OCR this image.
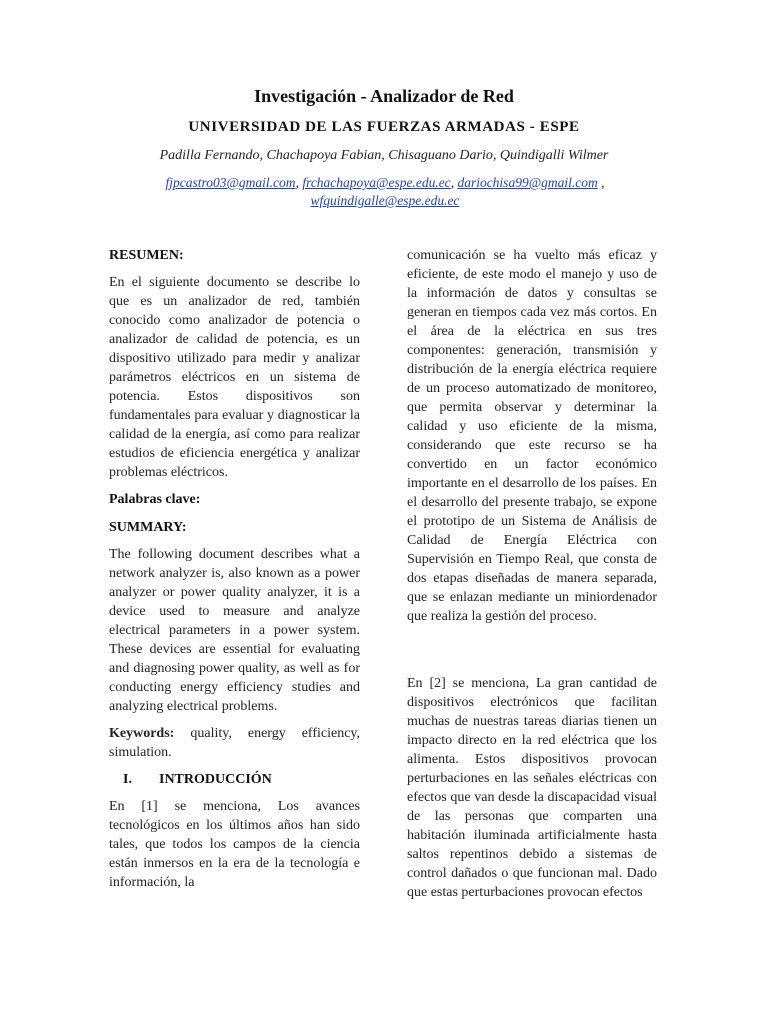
Investigación - Analizador de Red
UNIVERSIDAD DE LAS FUERZAS ARMADAS - ESPE
Padilla Fernando, Chachapoya Fabian, Chisaguano Dario, Quindigalli Wilmer
fjpcastro03@gmail.com, frchachapoya@espe.edu.ec, dariochisa99@gmail.com ,
wfquindigalle@espe.edu.ec

RESUMEN:

En el siguiente documento se describe lo que es un analizador de red, también conocido como analizador de potencia o analizador de calidad de potencia, es un dispositivo utilizado para medir y analizar parámetros eléctricos en un sistema de potencia. Estos dispositivos son fundamentales para evaluar y diagnosticar la calidad de la energía, así como para realizar estudios de eficiencia energética y analizar problemas eléctricos.

Palabras clave:

SUMMARY:

The following document describes what a network analyzer is, also known as a power analyzer or power quality analyzer, it is a device used to measure and analyze electrical parameters in a power system. These devices are essential for evaluating and diagnosing power quality, as well as for conducting energy efficiency studies and analyzing electrical problems.

Keywords: quality, energy efficiency, simulation.

I. INTRODUCCIÓN

En [1] se menciona, Los avances tecnológicos en los últimos años han sido tales, que todos los campos de la ciencia están inmersos en la era de la tecnología e información, la

comunicación se ha vuelto más eficaz y eficiente, de este modo el manejo y uso de la información de datos y consultas se generan en tiempos cada vez más cortos. En el área de la eléctrica en sus tres componentes: generación, transmisión y distribución de la energía eléctrica requiere de un proceso automatizado de monitoreo, que permita observar y determinar la calidad y uso eficiente de la misma, considerando que este recurso se ha convertido en un factor económico importante en el desarrollo de los países. En el desarrollo del presente trabajo, se expone el prototipo de un Sistema de Análisis de Calidad de Energía Eléctrica con Supervisión en Tiempo Real, que consta de dos etapas diseñadas de manera separada, que se enlazan mediante un miniordenador que realiza la gestión del proceso.

En [2] se menciona, La gran cantidad de dispositivos electrónicos que facilitan muchas de nuestras tareas diarias tienen un impacto directo en la red eléctrica que los alimenta. Estos dispositivos provocan perturbaciones en las señales eléctricas con efectos que van desde la discapacidad visual de las personas que comparten una habitación iluminada artificialmente hasta saltos repentinos debido a sistemas de control dañados o que funcionan mal. Dado que estas perturbaciones provocan efectos
